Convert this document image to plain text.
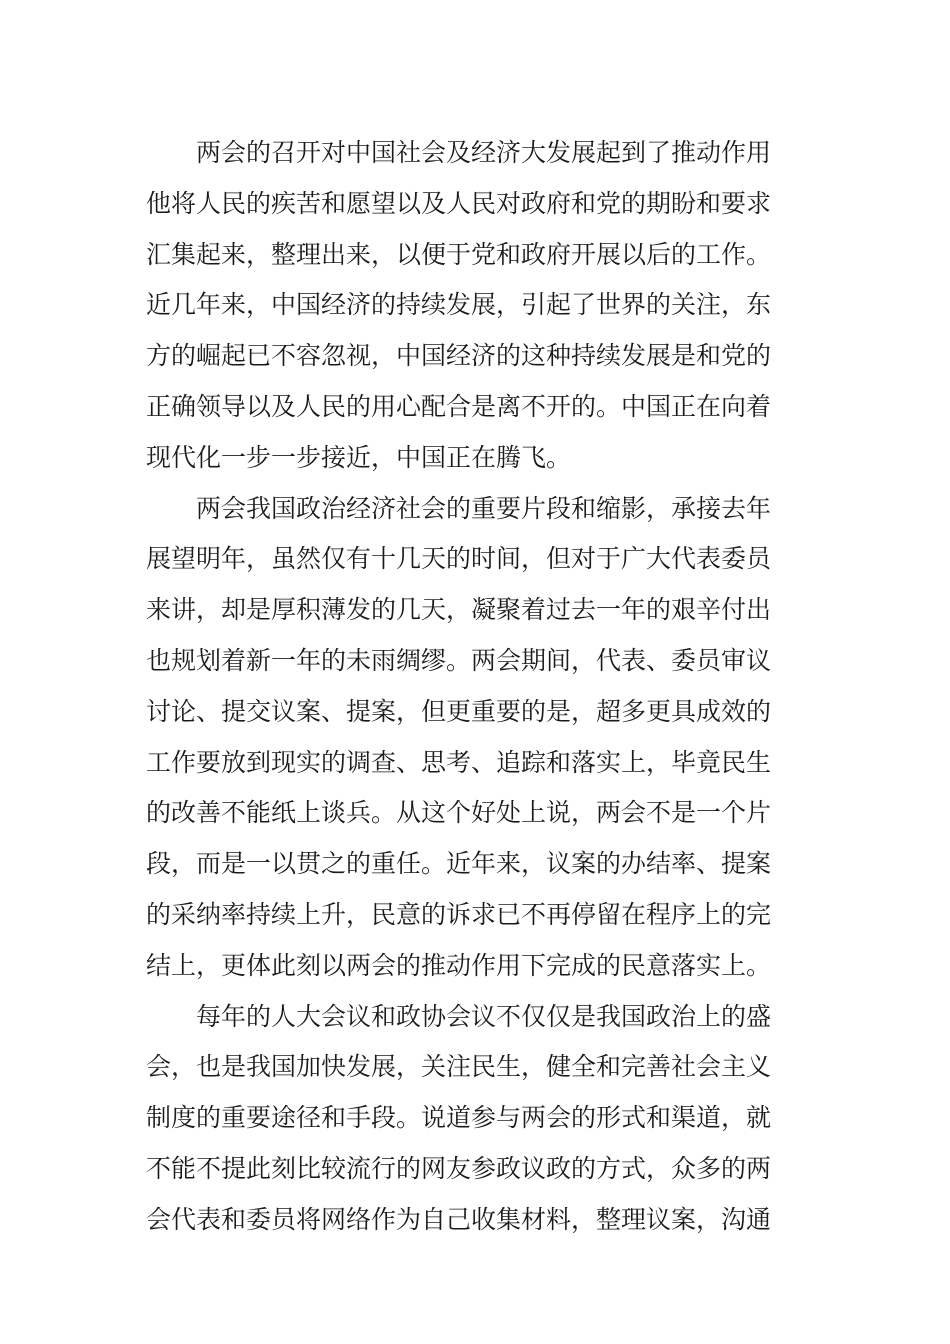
两会的召开对中国社会及经济大发展起到了推动作用
他将人民的疾苦和愿望以及人民对政府和党的期盼和要求
汇集起来，整理出来，以便于党和政府开展以后的工作。
近几年来，中国经济的持续发展，引起了世界的关注，东
方的崛起已不容忽视，中国经济的这种持续发展是和党的
正确领导以及人民的用心配合是离不开的。中国正在向着
现代化一步一步接近，中国正在腾飞。
两会我国政治经济社会的重要片段和缩影，承接去年
展望明年，虽然仅有十几天的时间，但对于广大代表委员
来讲，却是厚积薄发的几天，凝聚着过去一年的艰辛付出
也规划着新一年的未雨绸缪。两会期间，代表、委员审议
讨论、提交议案、提案，但更重要的是，超多更具成效的
工作要放到现实的调查、思考、追踪和落实上，毕竟民生
的改善不能纸上谈兵。从这个好处上说，两会不是一个片
段，而是一以贯之的重任。近年来，议案的办结率、提案
的采纳率持续上升，民意的诉求已不再停留在程序上的完
结上，更体此刻以两会的推动作用下完成的民意落实上。
每年的人大会议和政协会议不仅仅是我国政治上的盛
会，也是我国加快发展，关注民生，健全和完善社会主义
制度的重要途径和手段。说道参与两会的形式和渠道，就
不能不提此刻比较流行的网友参政议政的方式，众多的两
会代表和委员将网络作为自己收集材料，整理议案，沟通
